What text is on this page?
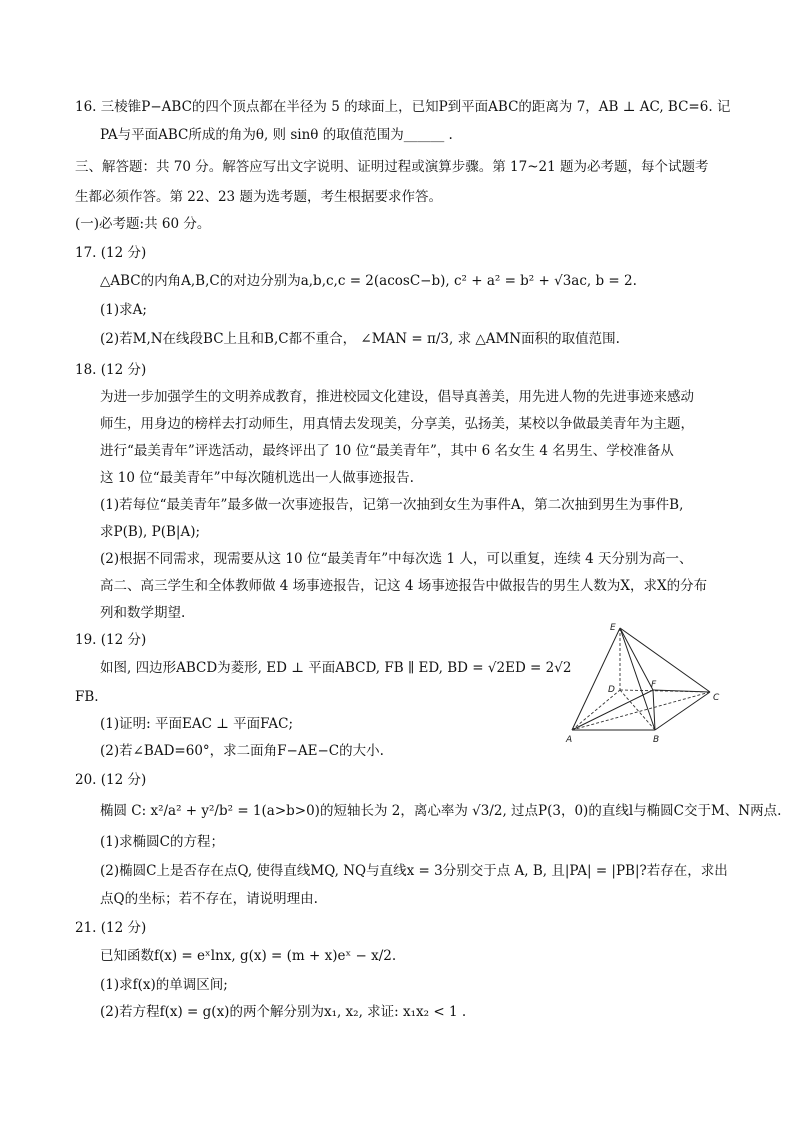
16. 三棱锥P−ABC的四个顶点都在半径为 5 的球面上，已知P到平面ABC的距离为 7，AB ⊥ AC, BC=6. 记
PA与平面ABC所成的角为θ, 则 sinθ 的取值范围为______ .
三、解答题：共 70 分。解答应写出文字说明、证明过程或演算步骤。第 17~21 题为必考题，每个试题考
生都必须作答。第 22、23 题为选考题，考生根据要求作答。
(一)必考题:共 60 分。
17. (12 分)
△ABC的内角A,B,C的对边分别为a,b,c,c = 2(acosC−b), c² + a² = b² + √3ac, b = 2.
(1)求A;
(2)若M,N在线段BC上且和B,C都不重合， ∠MAN = π/3, 求 △AMN面积的取值范围.
18. (12 分)
为进一步加强学生的文明养成教育，推进校园文化建设，倡导真善美，用先进人物的先进事迹来感动
师生，用身边的榜样去打动师生，用真情去发现美，分享美，弘扬美，某校以争做最美青年为主题，
进行“最美青年”评选活动，最终评出了 10 位“最美青年”，其中 6 名女生 4 名男生、学校准备从
这 10 位“最美青年”中每次随机选出一人做事迹报告.
(1)若每位“最美青年”最多做一次事迹报告，记第一次抽到女生为事件A，第二次抽到男生为事件B,
求P(B), P(B|A);
(2)根据不同需求，现需要从这 10 位“最美青年”中每次选 1 人，可以重复，连续 4 天分别为高一、
高二、高三学生和全体教师做 4 场事迹报告，记这 4 场事迹报告中做报告的男生人数为X，求X的分布
列和数学期望.
19. (12 分)
如图, 四边形ABCD为菱形, ED ⊥ 平面ABCD, FB ∥ ED, BD = √2ED = 2√2
FB.
(1)证明: 平面EAC ⊥ 平面FAC;
(2)若∠BAD=60°，求二面角F−AE−C的大小.
E
D	F
C
A	B
20. (12 分)
椭圆 C: x²/a² + y²/b² = 1(a>b>0)的短轴长为 2，离心率为 √3/2, 过点P(3，0)的直线l与椭圆C交于M、N两点.
(1)求椭圆C的方程；
(2)椭圆C上是否存在点Q, 使得直线MQ, NQ与直线x = 3分别交于点 A, B, 且|PA| = |PB|?若存在，求出
点Q的坐标；若不存在，请说明理由.
21. (12 分)
已知函数f(x) = eˣlnx, g(x) = (m + x)eˣ − x/2.
(1)求f(x)的单调区间;
(2)若方程f(x) = g(x)的两个解分别为x₁, x₂, 求证: x₁x₂ < 1 .
